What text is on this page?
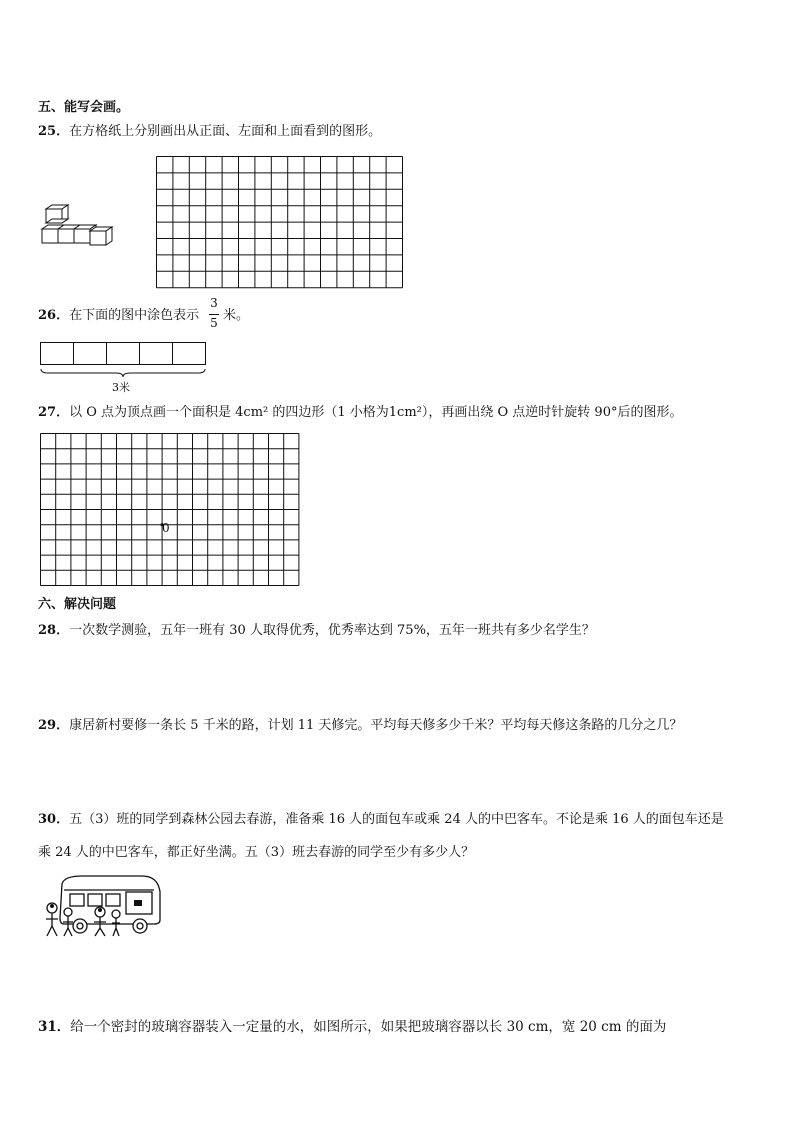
五、能写会画。
25．在方格纸上分别画出从正面、左面和上面看到的图形。
26．在下面的图中涂色表示
3
5 米。
3米
27．以 O 点为顶点画一个面积是 4cm² 的四边形（1 小格为1cm²），再画出绕 O 点逆时针旋转 90°后的图形。
0
六、解决问题
28．一次数学测验，五年一班有 30 人取得优秀，优秀率达到 75%，五年一班共有多少名学生？
29．康居新村要修一条长 5 千米的路，计划 11 天修完。平均每天修多少千米？平均每天修这条路的几分之几？
30．五（3）班的同学到森林公园去春游，准备乘 16 人的面包车或乘 24 人的中巴客车。不论是乘 16 人的面包车还是
乘 24 人的中巴客车，都正好坐满。五（3）班去春游的同学至少有多少人？
31．给一个密封的玻璃容器装入一定量的水，如图所示，如果把玻璃容器以长 30 cm，宽 20 cm 的面为
